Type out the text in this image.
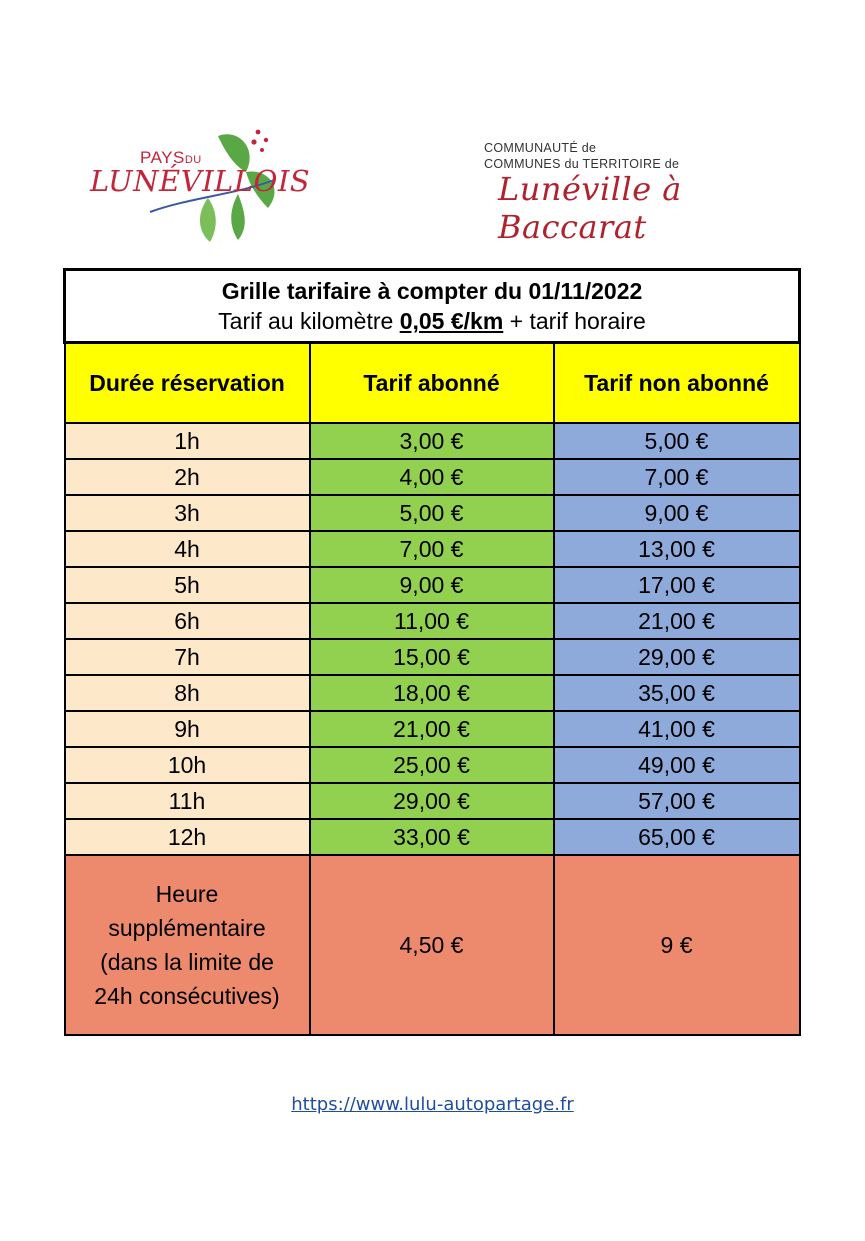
PAYSDU
LUNÉVILLOIS
COMMUNAUTÉ de
COMMUNES du TERRITOIRE de
Lunéville à Baccarat
Grille tarifaire à compter du 01/11/2022
Tarif au kilomètre 0,05 €/km + tarif horaire		

Durée réservation	Tarif abonné	Tarif non abonné
1h	3,00 €	5,00 €
2h	4,00 €	7,00 €
3h	5,00 €	9,00 €
4h	7,00 €	13,00 €
5h	9,00 €	17,00 €
6h	11,00 €	21,00 €
7h	15,00 €	29,00 €
8h	18,00 €	35,00 €
9h	21,00 €	41,00 €
10h	25,00 €	49,00 €
11h	29,00 €	57,00 €
12h	33,00 €	65,00 €
Heure supplémentaire (dans la limite de 24h consécutives)	4,50 €	9 €
https://www.lulu-autopartage.fr
